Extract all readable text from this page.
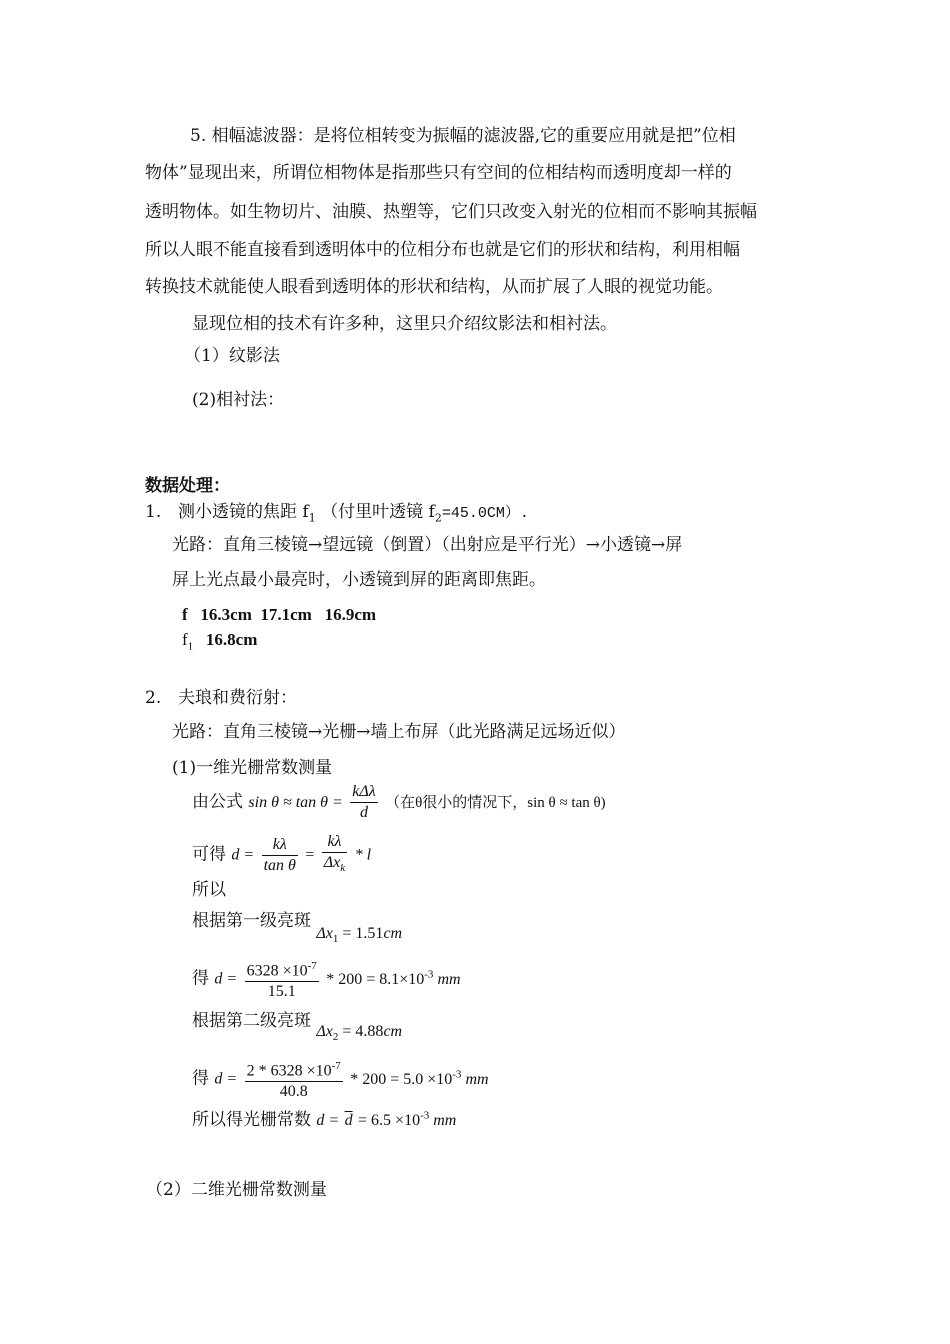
5. 相幅滤波器：是将位相转变为振幅的滤波器,它的重要应用就是把”位相
物体”显现出来，所谓位相物体是指那些只有空间的位相结构而透明度却一样的
透明物体。如生物切片、油膜、热塑等，它们只改变入射光的位相而不影响其振幅
所以人眼不能直接看到透明体中的位相分布也就是它们的形状和结构，利用相幅
转换技术就能使人眼看到透明体的形状和结构，从而扩展了人眼的视觉功能。
显现位相的技术有许多种，这里只介绍纹影法和相衬法。
（1）纹影法
(2)相衬法：
数据处理：
1. 测小透镜的焦距 $f_1$ （付里叶透镜 $f_2=45.0CM$）.
光路：直角三棱镜→望远镜（倒置）（出射应是平行光）→小透镜→屏
屏上光点最小最亮时，小透镜到屏的距离即焦距。
f 16.3cm  17.1cm   16.9cm
$f_1$ 16.8cm
2. 夫琅和费衍射：
光路：直角三棱镜→光栅→墙上布屏（此光路满足远场近似）
(1)一维光栅常数测量
由公式 $\sin \theta \approx \tan \theta = \frac{\text{kΔλ}}{d}$ （在θ很小的情况下，sin θ ≈ tan θ)
可得 $d = \frac{k\lambda}{\text{tan θ}} = \frac{k\lambda}{\Delta x_k} * l$
所以
根据第一级亮斑 $\Delta x_1 = 1.51cm$
得 $d = \frac{6328 \times 10^{-7}}{15.1} * 200 = 8.1\times 10^{-3}$ mm
根据第二级亮斑 $\Delta x_2 = 4.88cm$
得 $d = \frac{2 * 6328 \times 10^{-7}}{40.8} * 200 = 5.0 \times 10^{-3}$ mm
所以得光栅常数 $d = \overline{d} = 6.5 \times 10^{-3}$ mm
（2）二维光栅常数测量
